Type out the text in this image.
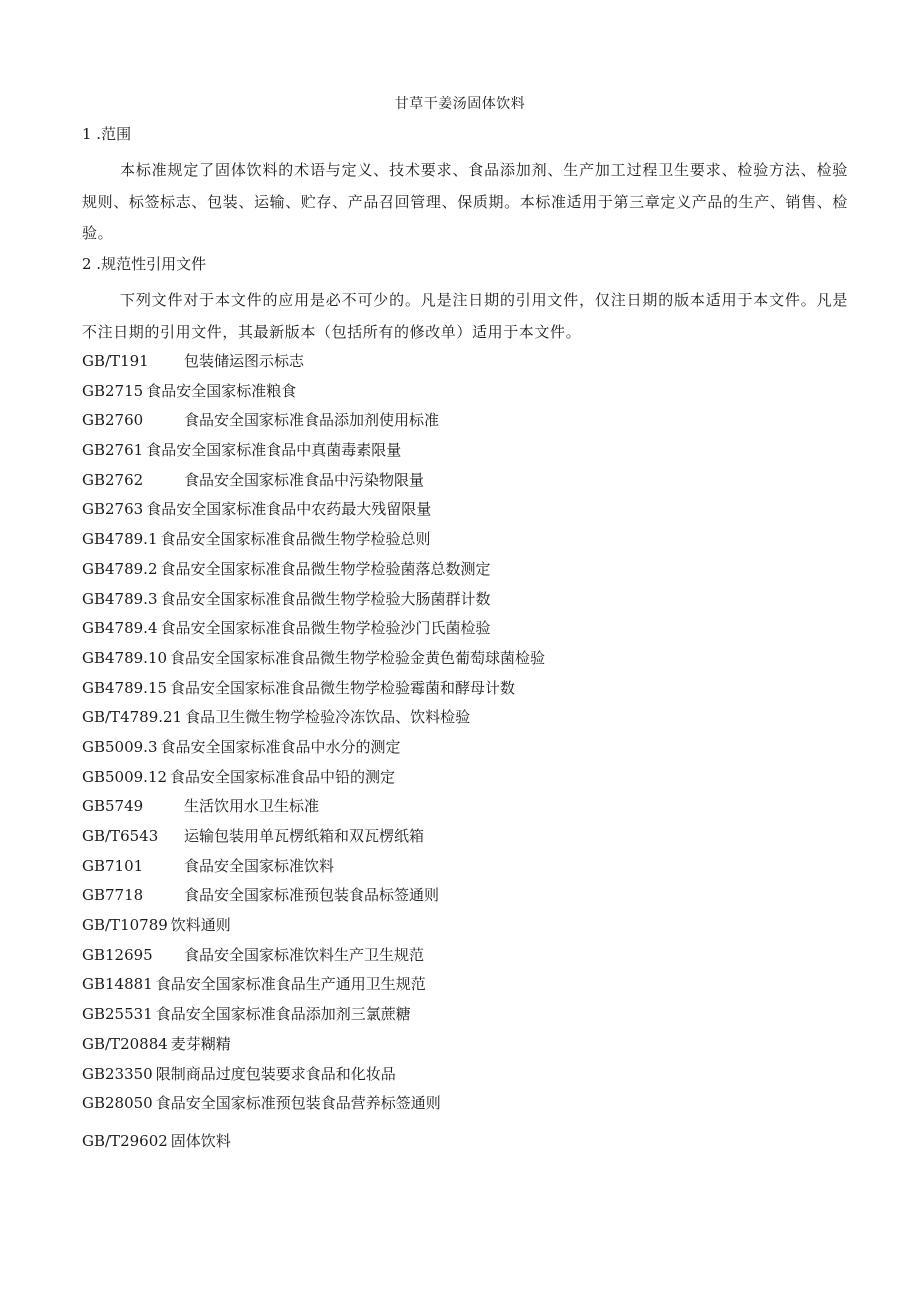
甘草干姜汤固体饮料
1 .范围
本标准规定了固体饮料的术语与定义、技术要求、食品添加剂、生产加工过程卫生要求、检验方法、检验规则、标签标志、包装、运输、贮存、产品召回管理、保质期。本标准适用于第三章定义产品的生产、销售、检验。
2 .规范性引用文件
下列文件对于本文件的应用是必不可少的。凡是注日期的引用文件，仅注日期的版本适用于本文件。凡是不注日期的引用文件，其最新版本（包括所有的修改单）适用于本文件。
GB/T191 包装储运图示标志
GB2715 食品安全国家标准粮食
GB2760	食品安全国家标准食品添加剂使用标准
GB2761 食品安全国家标准食品中真菌毒素限量
GB2762	食品安全国家标准食品中污染物限量
GB2763 食品安全国家标准食品中农药最大残留限量
GB4789.1 食品安全国家标准食品微生物学检验总则
GB4789.2 食品安全国家标准食品微生物学检验菌落总数测定
GB4789.3 食品安全国家标准食品微生物学检验大肠菌群计数
GB4789.4 食品安全国家标准食品微生物学检验沙门氏菌检验
GB4789.10 食品安全国家标准食品微生物学检验金黄色葡萄球菌检验
GB4789.15 食品安全国家标准食品微生物学检验霉菌和酵母计数
GB/T4789.21 食品卫生微生物学检验冷冻饮品、饮料检验
GB5009.3 食品安全国家标准食品中水分的测定
GB5009.12 食品安全国家标准食品中铅的测定
GB5749	生活饮用水卫生标准
GB/T6543 运输包装用单瓦楞纸箱和双瓦楞纸箱
GB7101	食品安全国家标准饮料
GB7718	食品安全国家标准预包装食品标签通则
GB/T10789 饮料通则
GB12695 食品安全国家标准饮料生产卫生规范
GB14881 食品安全国家标准食品生产通用卫生规范
GB25531 食品安全国家标准食品添加剂三氯蔗糖
GB/T20884 麦芽糊精
GB23350 限制商品过度包装要求食品和化妆品
GB28050 食品安全国家标准预包装食品营养标签通则
GB/T29602 固体饮料
